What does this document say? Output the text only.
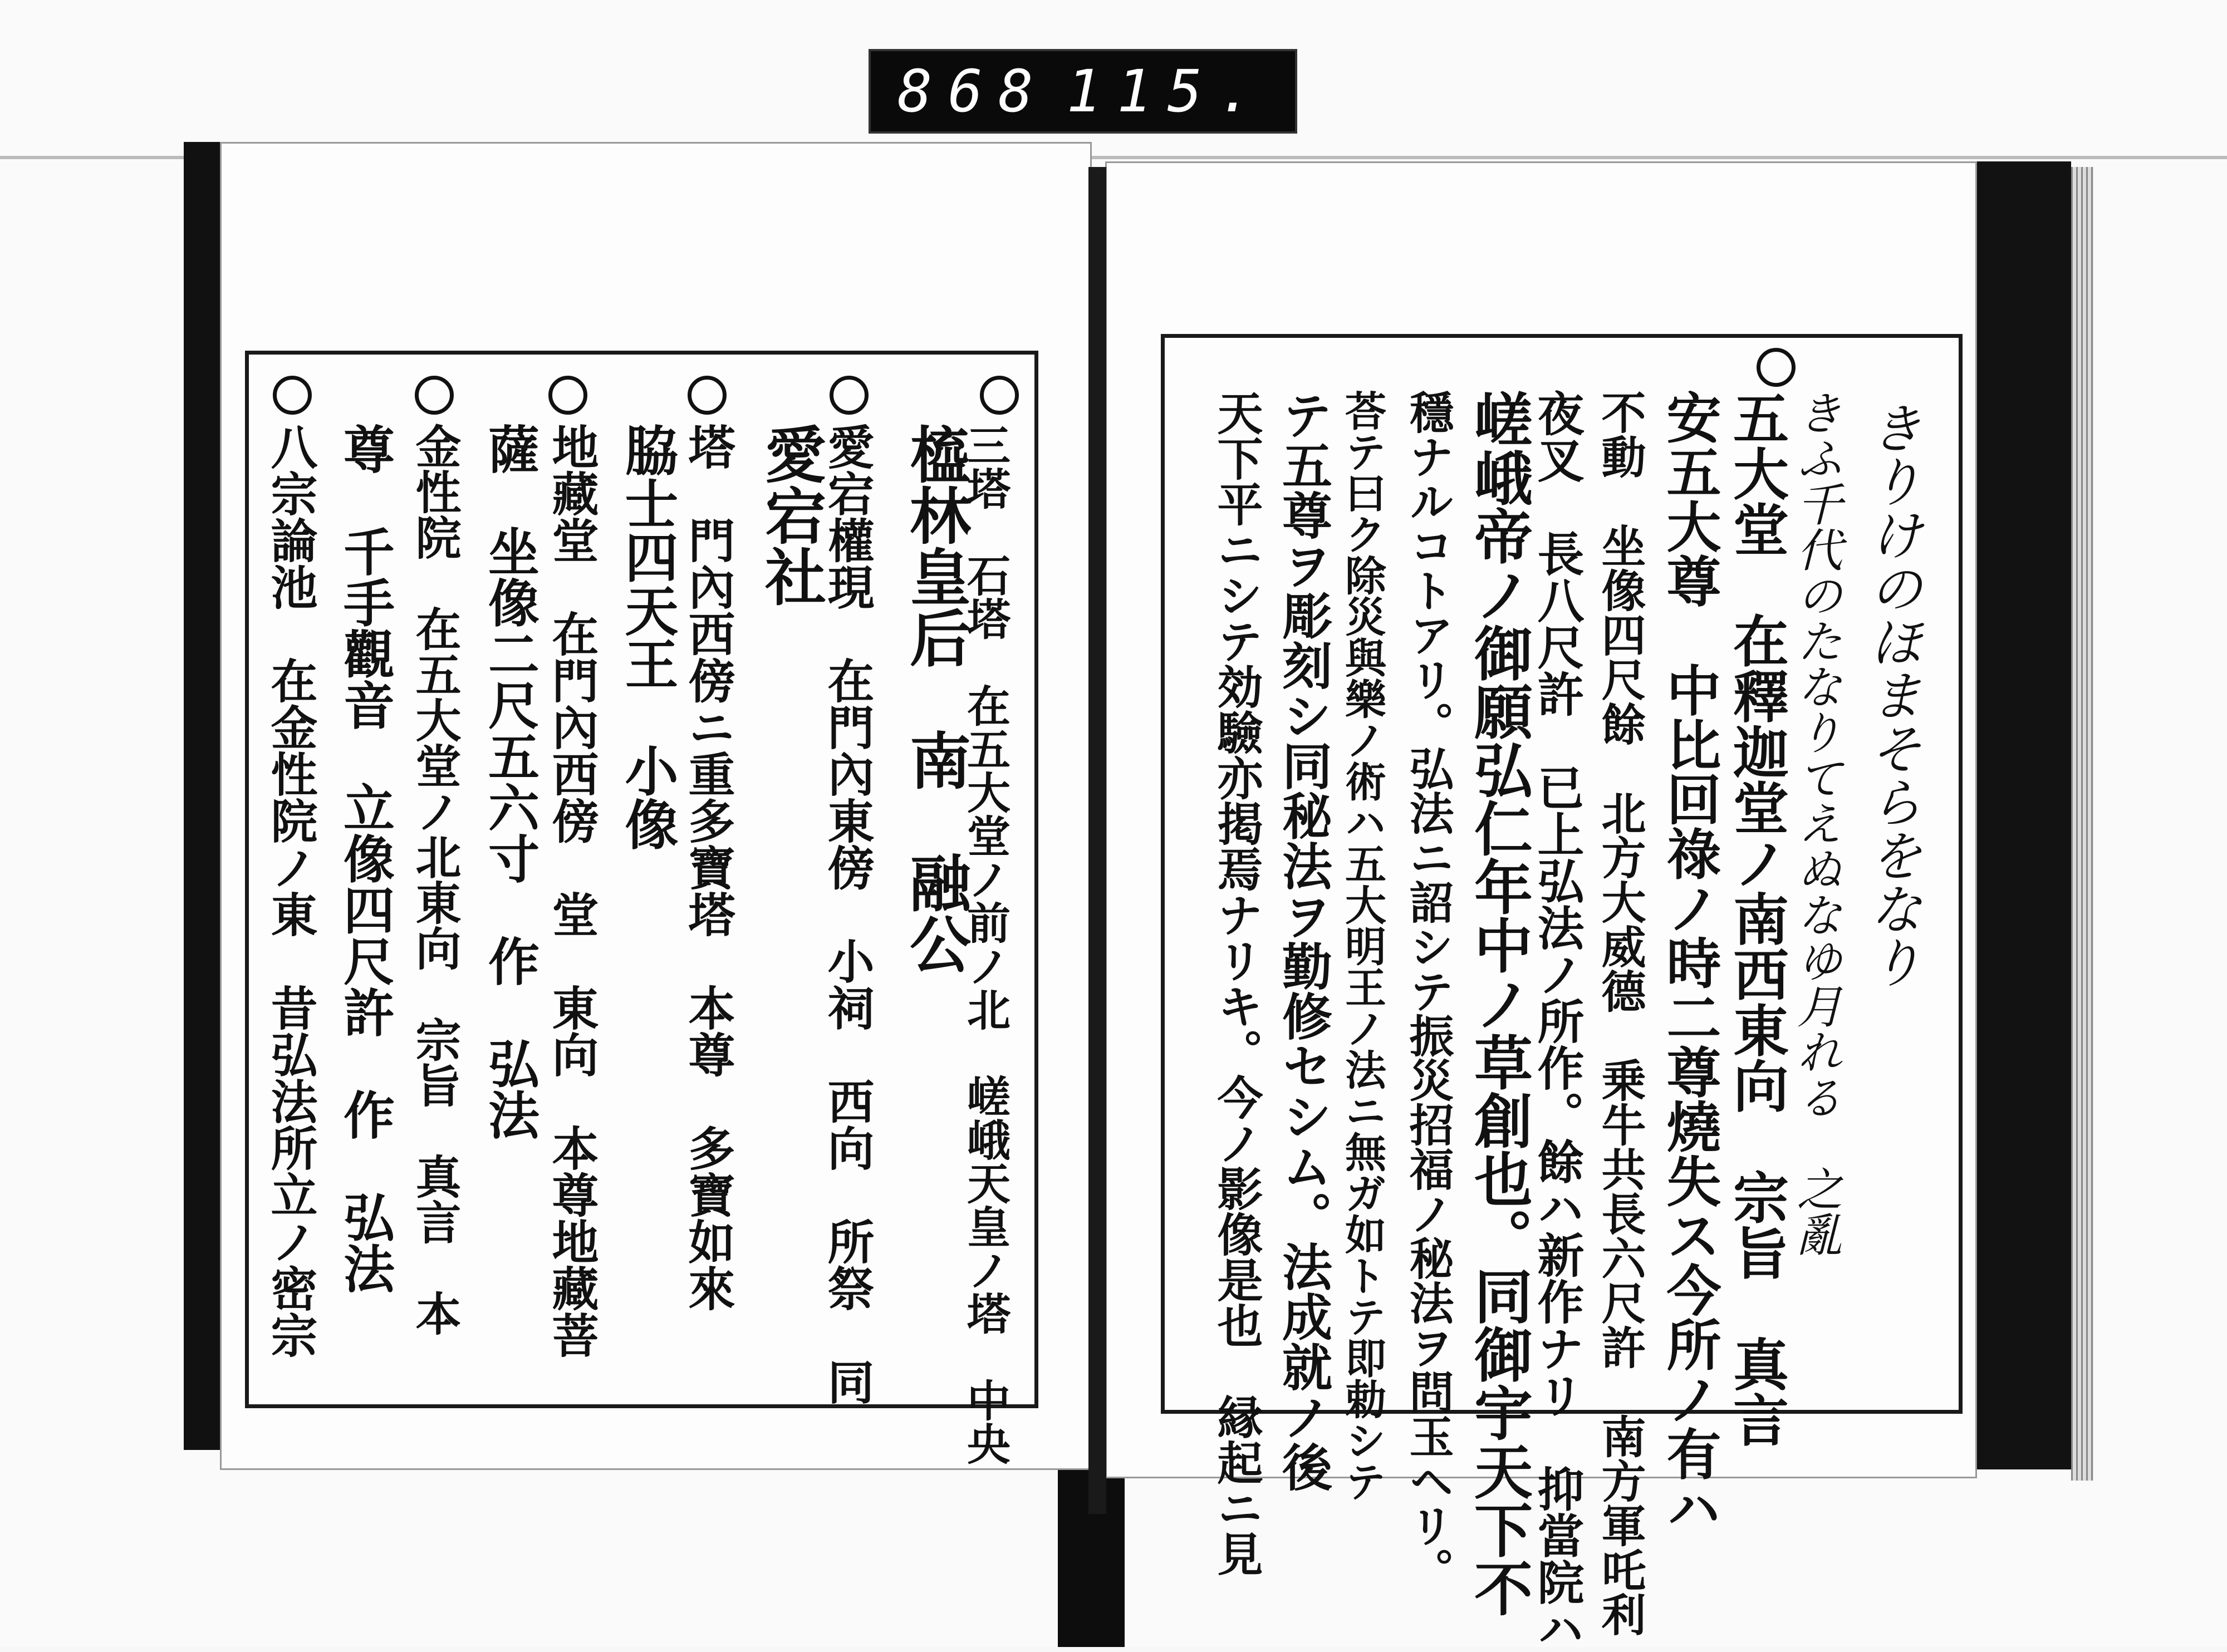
868 115.
きりけのほまそらをなり
きふ千代のたなりてえぬなゆ月れる　之亂
五大堂　在釋迦堂ノ南西東向　宗旨　真言
安五大尊　中比回祿ノ時二尊燒失ス今所ノ有ハ
不動　坐像四尺餘　北方大威德　乗牛共長六尺許　南方軍吒利
夜叉　長八尺許　已上弘法ノ所作。餘ハ新作ナリ　抑當院ハ
嵯峨帝ノ御願弘仁年中ノ草創也。同御宇天下不
穩ナルコトアリ。弘法ニ詔シテ振災招福ノ秘法ヲ問玉ヘリ。
荅テ曰ク除災與樂ノ術ハ五大明王ノ法ニ無ガ如トテ即勅シテ
テ五尊ヲ彫刻シ同秘法ヲ勤修セシム。法成就ノ後
天下平ニシテ効驗亦掲焉ナリキ。今ノ影像是也　縁起ニ見
三塔　石塔　在五大堂ノ前ノ北　嵯峨天皇ノ塔　中央
橀林皇后　南　融公
愛宕權現　在門內東傍　小祠　西向　所祭　同
愛宕社
塔　門內西傍ニ重多寶塔　本尊　多寶如來
脇士四天王　小像
地藏堂　在門內西傍　堂　東向　本尊地藏菩
薩　坐像二尺五六寸　作　弘法
金性院　在五大堂ノ北東向　宗旨　真言　本
尊　千手觀音　立像四尺許　作　弘法
八宗論池　在金性院ノ東　昔弘法所立ノ密宗
